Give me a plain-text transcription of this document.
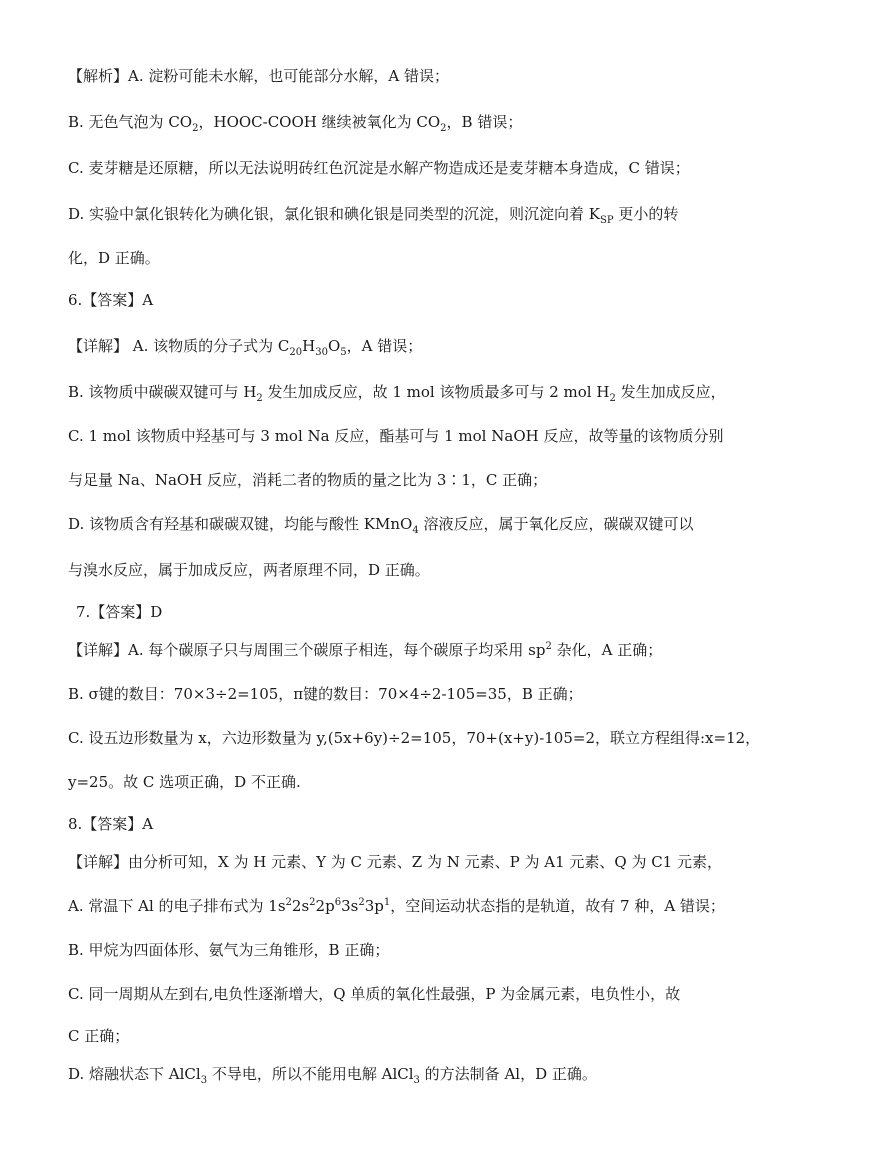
【解析】A. 淀粉可能未水解，也可能部分水解，A 错误；
B. 无色气泡为 $CO_2$，HOOC-COOH 继续被氧化为 $CO_2$，B 错误；
C. 麦芽糖是还原糖，所以无法说明砖红色沉淀是水解产物造成还是麦芽糖本身造成，C 错误；
D. 实验中氯化银转化为碘化银，氯化银和碘化银是同类型的沉淀，则沉淀向着 $K_{SP}$ 更小的转
化，D 正确。
6.【答案】A
【详解】 A. 该物质的分子式为 $C_{20}H_{30}O_5$，A 错误；
B. 该物质中碳碳双键可与 $H_2$ 发生加成反应，故 1 mol 该物质最多可与 2 mol $H_2$ 发生加成反应，
C. 1 mol 该物质中羟基可与 3 mol Na 反应，酯基可与 1 mol NaOH 反应，故等量的该物质分别
与足量 Na、NaOH 反应，消耗二者的物质的量之比为 3∶1，C 正确；
D. 该物质含有羟基和碳碳双键，均能与酸性 KMnO$_4$ 溶液反应，属于氧化反应，碳碳双键可以
与溴水反应，属于加成反应，两者原理不同，D 正确。
7.【答案】D
【详解】A. 每个碳原子只与周围三个碳原子相连，每个碳原子均采用 $sp^2$ 杂化，A 正确；
B. σ键的数目：70×3÷2=105，π键的数目：70×4÷2-105=35，B 正确；
C. 设五边形数量为 x，六边形数量为 y,(5x+6y)÷2=105，70+(x+y)-105=2，联立方程组得:x=12，
y=25。故 C 选项正确，D 不正确.
8.【答案】A
【详解】由分析可知，X 为 H 元素、Y 为 C 元素、Z 为 N 元素、P 为 A1 元素、Q 为 C1 元素，
A. 常温下 Al 的电子排布式为 $1s^22s^22p^63s^23p^1$，空间运动状态指的是轨道，故有 7 种，A 错误；
B. 甲烷为四面体形、氨气为三角锥形，B 正确；
C. 同一周期从左到右,电负性逐渐增大，Q 单质的氧化性最强，P 为金属元素，电负性小，故
C 正确；
D. 熔融状态下 AlCl$_3$ 不导电，所以不能用电解 AlCl$_3$ 的方法制备 Al，D 正确。
